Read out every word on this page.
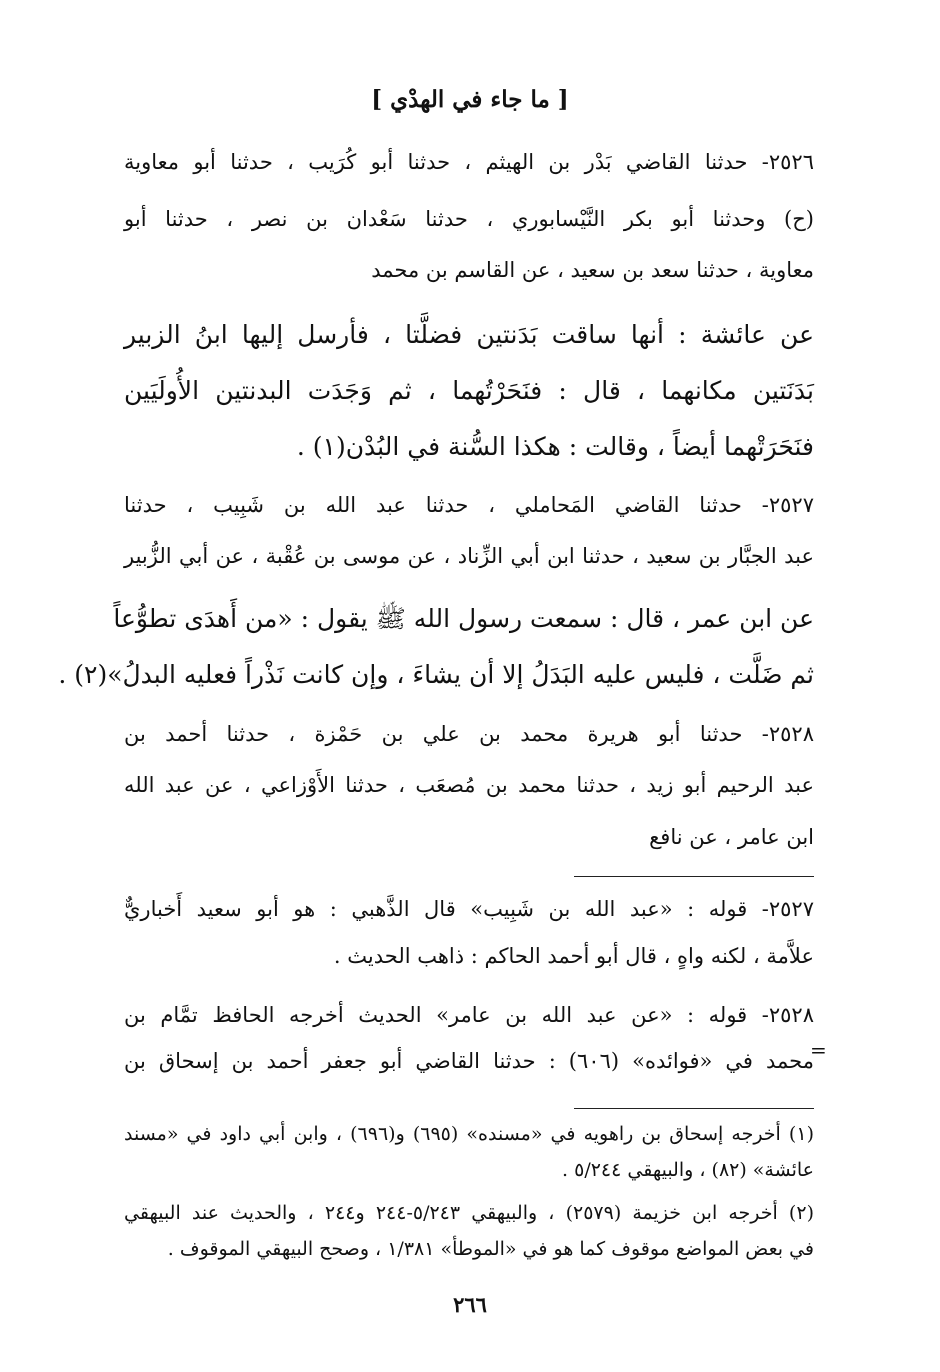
[ ما جاء في الهدْي ]
٢٥٢٦- حدثنا القاضي بَدْر بن الهيثم ، حدثنا أبو كُرَيب ، حدثنا أبو معاوية
(ح) وحدثنا أبو بكر النَّيْسابوري ، حدثنا سَعْدان بن نصر ، حدثنا أبو
معاوية ، حدثنا سعد بن سعيد ، عن القاسم بن محمد
عن عائشة : أنها ساقت بَدَنتين فضلَّتا ، فأرسل إليها ابنُ الزبير
بَدَنَتين مكانهما ، قال : فنَحَرْتُهما ، ثم وَجَدَت البدنتين الأُولَيَين
فنَحَرَتْهما أيضاً ، وقالت : هكذا السُّنة في البُدْن(١) .
٢٥٢٧- حدثنا القاضي المَحاملي ، حدثنا عبد الله بن شَبِيب ، حدثنا
عبد الجبَّار بن سعيد ، حدثنا ابن أبي الزِّناد ، عن موسى بن عُقْبة ، عن أبي الزُّبير
عن ابن عمر ، قال : سمعت رسول الله ﷺ يقول : «من أَهدَى تطوُّعاً
ثم ضَلَّت ، فليس عليه البَدَلُ إلا أن يشاءَ ، وإن كانت نَذْراً فعليه البدلُ»(٢) .
٢٥٢٨- حدثنا أبو هريرة محمد بن علي بن حَمْزة ، حدثنا أحمد بن
عبد الرحيم أبو زيد ، حدثنا محمد بن مُصعَب ، حدثنا الأَوْزاعي ، عن عبد الله
ابن عامر ، عن نافع
٢٥٢٧- قوله : «عبد الله بن شَبِيب» قال الذَّهبي : هو أبو سعيد أَخباريٌّ
علاَّمة ، لكنه واهٍ ، قال أبو أحمد الحاكم : ذاهب الحديث .
٢٥٢٨- قوله : «عن عبد الله بن عامر» الحديث أخرجه الحافظ تمَّام بن
محمد في «فوائده» (٦٠٦) : حدثنا القاضي أبو جعفر أحمد بن إسحاق بن
=
(١) أخرجه إسحاق بن راهويه في «مسنده» (٦٩٥) و(٦٩٦) ، وابن أبي داود في «مسند
عائشة» (٨٢) ، والبيهقي ٥/٢٤٤ .
(٢) أخرجه ابن خزيمة (٢٥٧٩) ، والبيهقي ٥/٢٤٣-٢٤٤ و٢٤٤ ، والحديث عند البيهقي
في بعض المواضع موقوف كما هو في «الموطأ» ١/٣٨١ ، وصحح البيهقي الموقوف .
٢٦٦
